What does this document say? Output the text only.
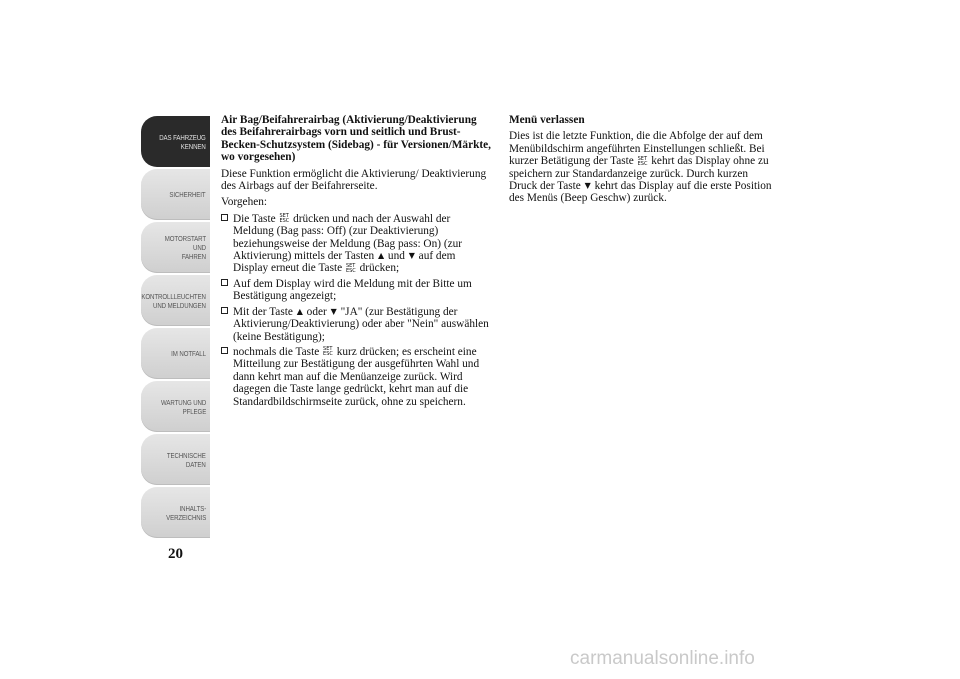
DAS FAHRZEUG
KENNEN
SICHERHEIT
MOTORSTART UND
FAHREN
KONTROLLLEUCHTEN
UND MELDUNGEN
IM NOTFALL
WARTUNG UND
PFLEGE
TECHNISCHE
DATEN
INHALTS-
VERZEICHNIS
20
Air Bag/Beifahrerairbag (Aktivierung/Deaktivierung des Beifahrerairbags vorn und seitlich und Brust-Becken-Schutzsystem (Sidebag) - für Versionen/Märkte, wo vorgesehen)
Diese Funktion ermöglicht die Aktivierung/ Deaktivierung des Airbags auf der Beifahrerseite.
Vorgehen:
Die Taste SET
ESC drücken und nach der Auswahl der Meldung (Bag pass: Off) (zur Deaktivierung) beziehungsweise der Meldung (Bag pass: On) (zur Aktivierung) mittels der Tasten ▲ und ▼ auf dem Display erneut die Taste SET
ESC drücken;
Auf dem Display wird die Meldung mit der Bitte um Bestätigung angezeigt;
Mit der Taste ▲ oder ▼ "JA" (zur Bestätigung der Aktivierung/Deaktivierung) oder aber "Nein" auswählen (keine Bestätigung);
nochmals die Taste SET
ESC kurz drücken; es erscheint eine Mitteilung zur Bestätigung der ausgeführten Wahl und dann kehrt man auf die Menüanzeige zurück. Wird dagegen die Taste lange gedrückt, kehrt man auf die Standardbildschirmseite zurück, ohne zu speichern.
Menü verlassen
Dies ist die letzte Funktion, die die Abfolge der auf dem Menübildschirm angeführten Einstellungen schließt. Bei kurzer Betätigung der Taste SET
ESC kehrt das Display ohne zu speichern zur Standardanzeige zurück. Durch kurzen Druck der Taste ▼ kehrt das Display auf die erste Position des Menüs (Beep Geschw) zurück.
carmanualsonline.info
